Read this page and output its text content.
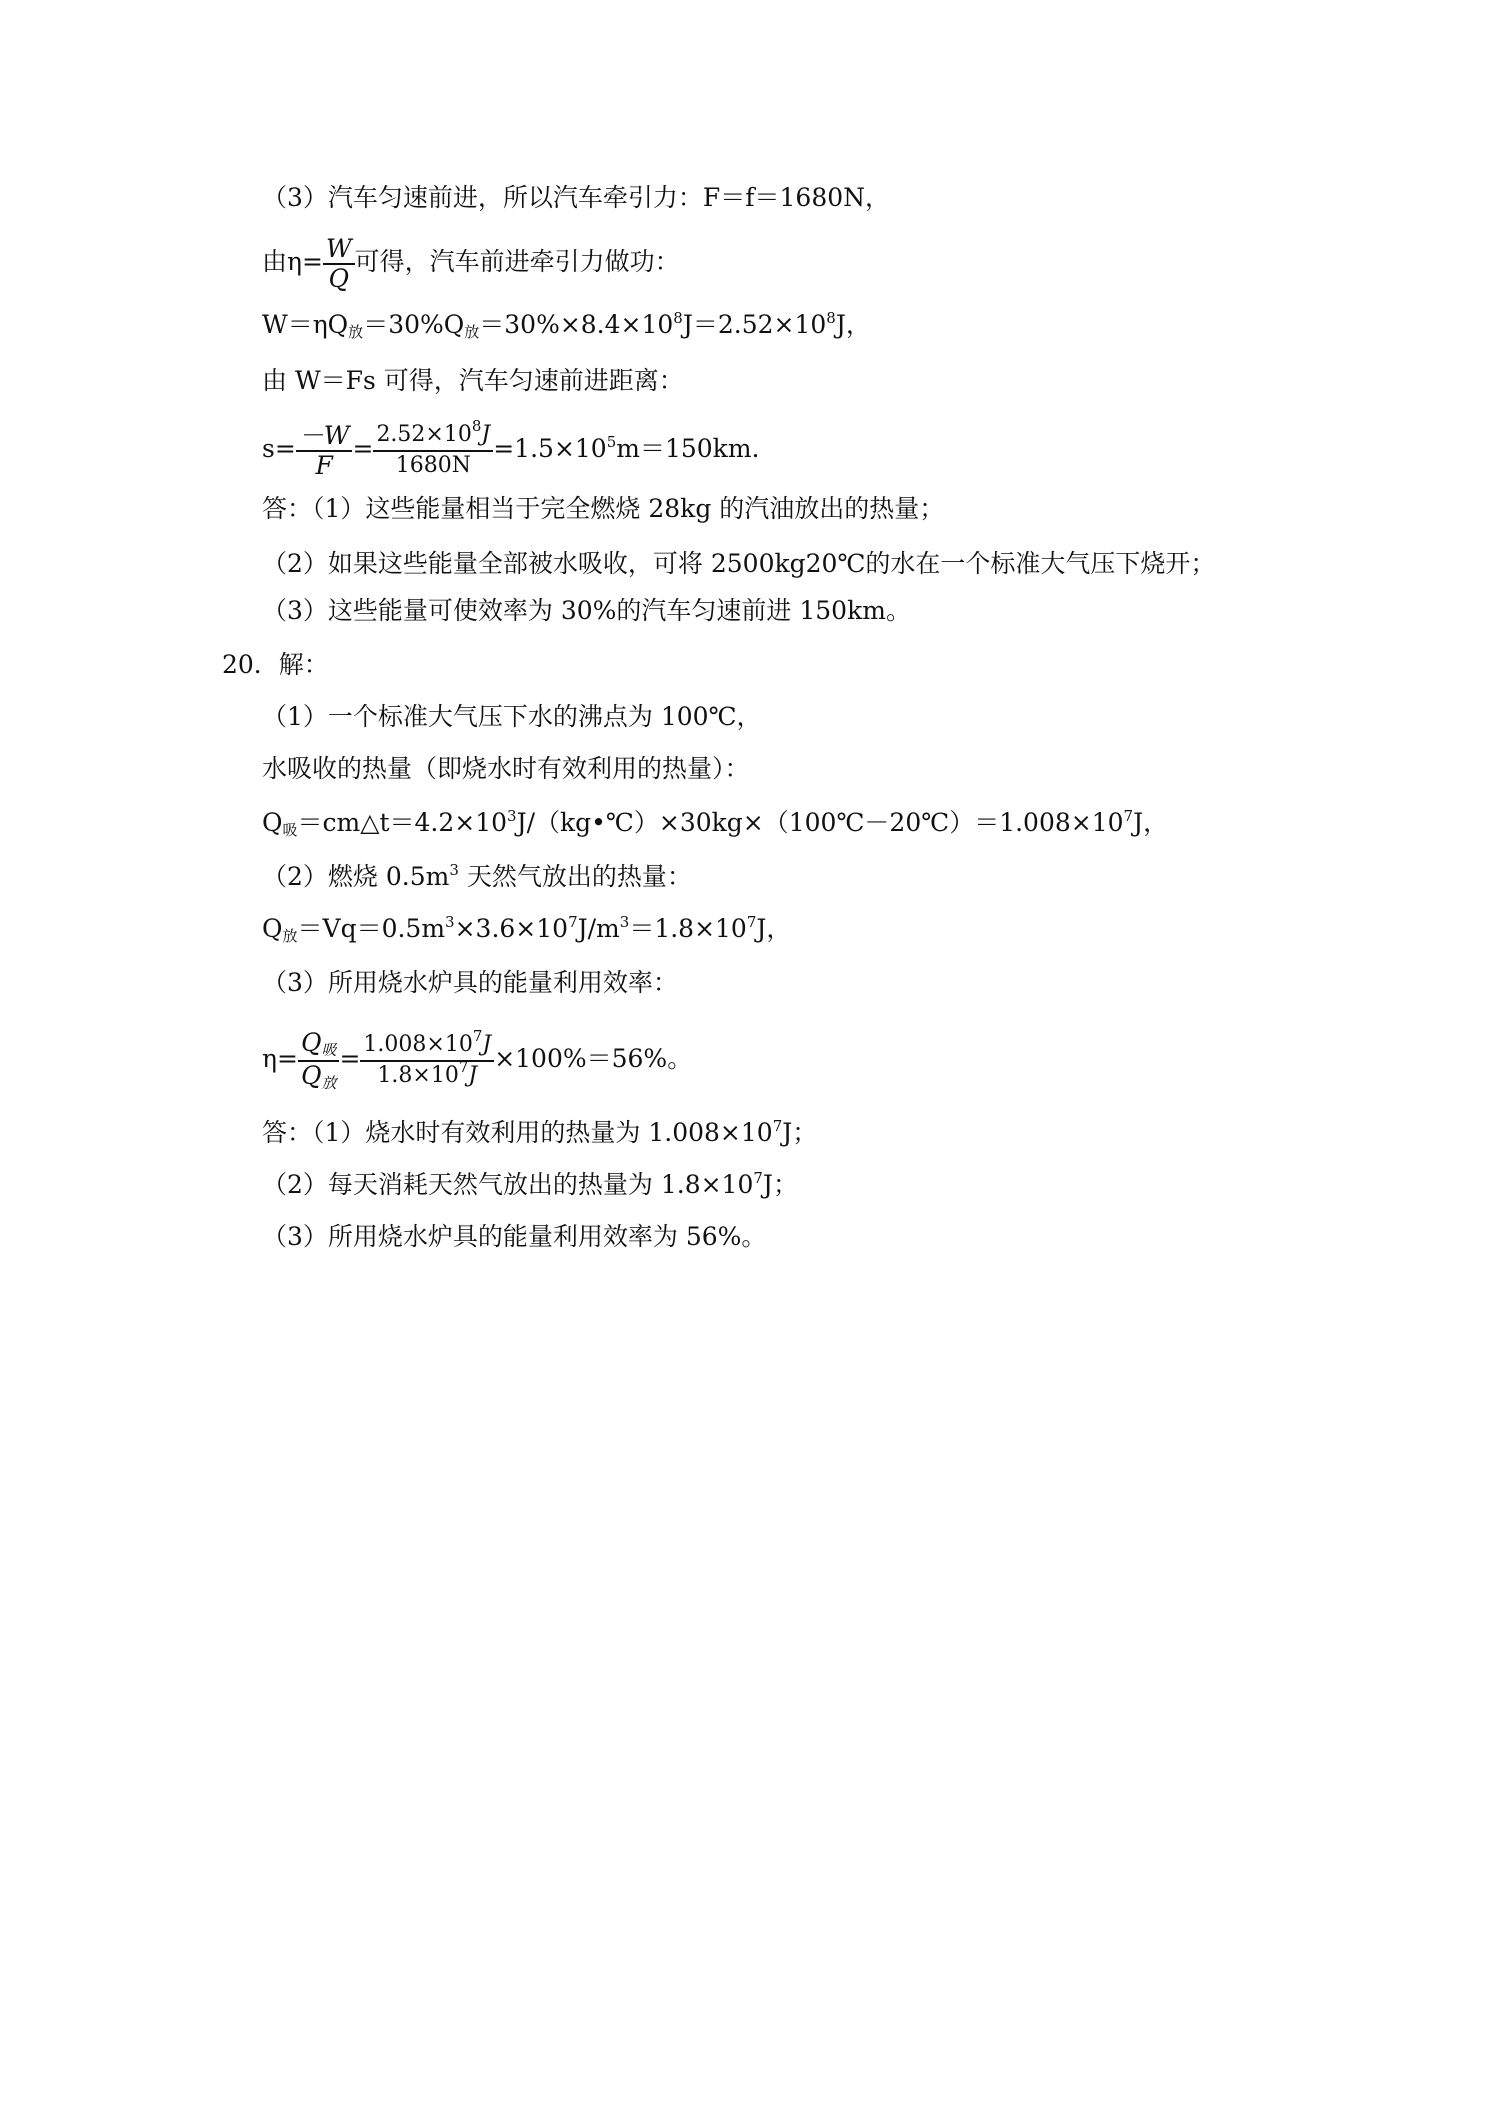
（3）汽车匀速前进，所以汽车牵引力：F＝f＝1680N，
由$\eta= \frac{W}{Q}$ 可得，汽车前进牵引力做功：
W＝ηQ放＝30%Q放$=30\%\times 8.4\times 10^8J=2.52\times 10^8J$，
由 W＝Fs 可得，汽车匀速前进距离：
$s= \frac{-W}{F} = \frac{2.52\times 10^8J}{1680N} =1.5\times 10^5m=150km$.
答：（1）这些能量相当于完全燃烧 28kg 的汽油放出的热量；
（2）如果这些能量全部被水吸收，可将 2500kg20℃的水在一个标准大气压下烧开；
（3）这些能量可使效率为 30%的汽车匀速前进 150km。
20．解：
（1）一个标准大气压下水的沸点为 100℃，
水吸收的热量（即烧水时有效利用的热量）：
Q吸$=cm\triangle t=4.2\times 10^3J/(kg•℃)\times 30kg\times(100℃-20℃)=1.008\times 10^7J$，
（2）燃烧 $0.5m^3$ 天然气放出的热量：
Q放$=Vq=0.5m^3\times 3.6\times 10^7J/m^3=1.8\times 10^7J$，
（3）所用烧水炉具的能量利用效率：
$\eta= \frac{\text{Q吸}}{\text{Q放}} = \frac{1.008\times 10^7J}{1.8\times 10^7J} \times 100\%=56\%$。
答：（1）烧水时有效利用的热量为 $1.008\times 10^7J$；
（2）每天消耗天然气放出的热量为 $1.8\times 10^7J$；
（3）所用烧水炉具的能量利用效率为 56%。
